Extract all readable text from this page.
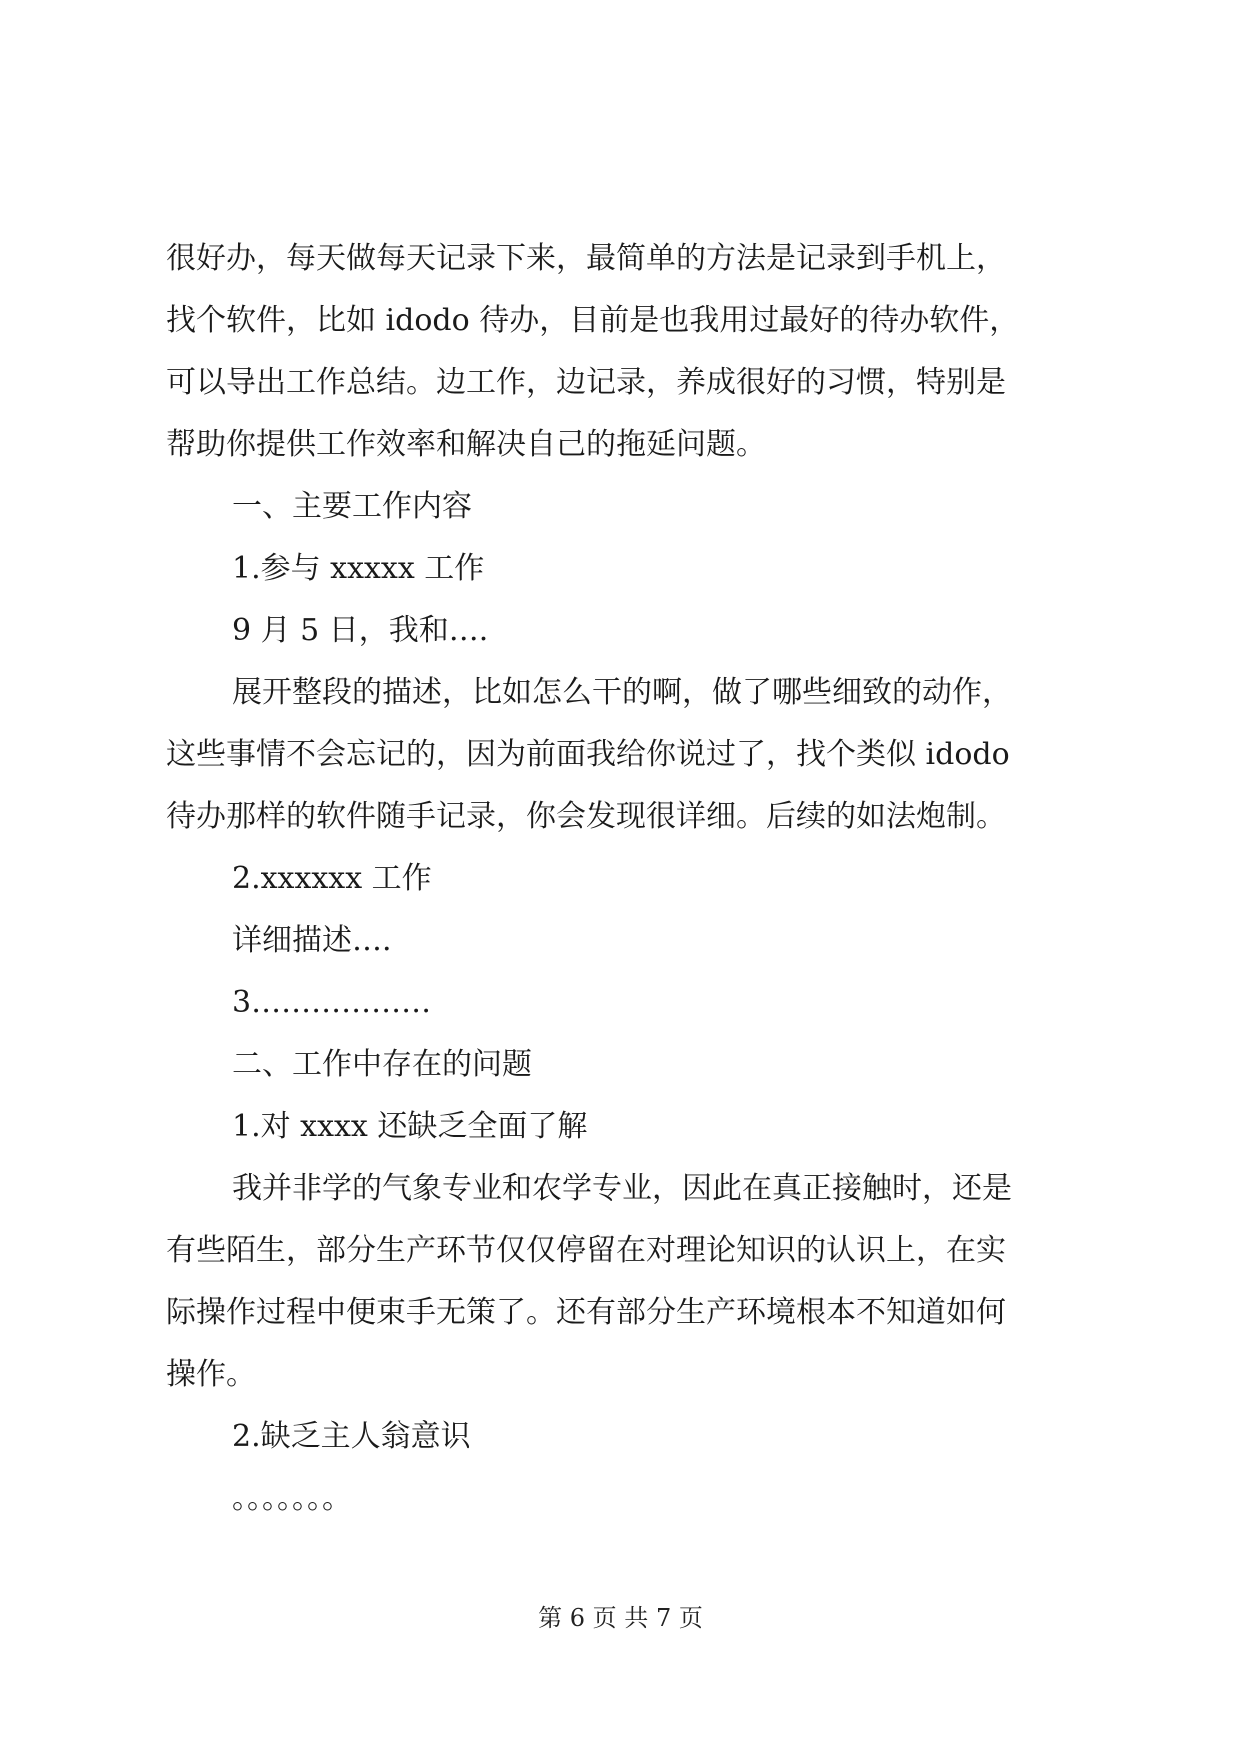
很好办，每天做每天记录下来，最简单的方法是记录到手机上，
找个软件，比如 idodo 待办，目前是也我用过最好的待办软件，
可以导出工作总结。边工作，边记录，养成很好的习惯，特别是
帮助你提供工作效率和解决自己的拖延问题。
一、主要工作内容
1.参与 xxxxx 工作
9 月 5 日，我和….
展开整段的描述，比如怎么干的啊，做了哪些细致的动作，
这些事情不会忘记的，因为前面我给你说过了，找个类似 idodo
待办那样的软件随手记录，你会发现很详细。后续的如法炮制。
2.xxxxxx 工作
详细描述….
3………………
二、工作中存在的问题
1.对 xxxx 还缺乏全面了解
我并非学的气象专业和农学专业，因此在真正接触时，还是
有些陌生，部分生产环节仅仅停留在对理论知识的认识上，在实
际操作过程中便束手无策了。还有部分生产环境根本不知道如何
操作。
2.缺乏主人翁意识
。。。。。。。
第 6 页 共 7 页
